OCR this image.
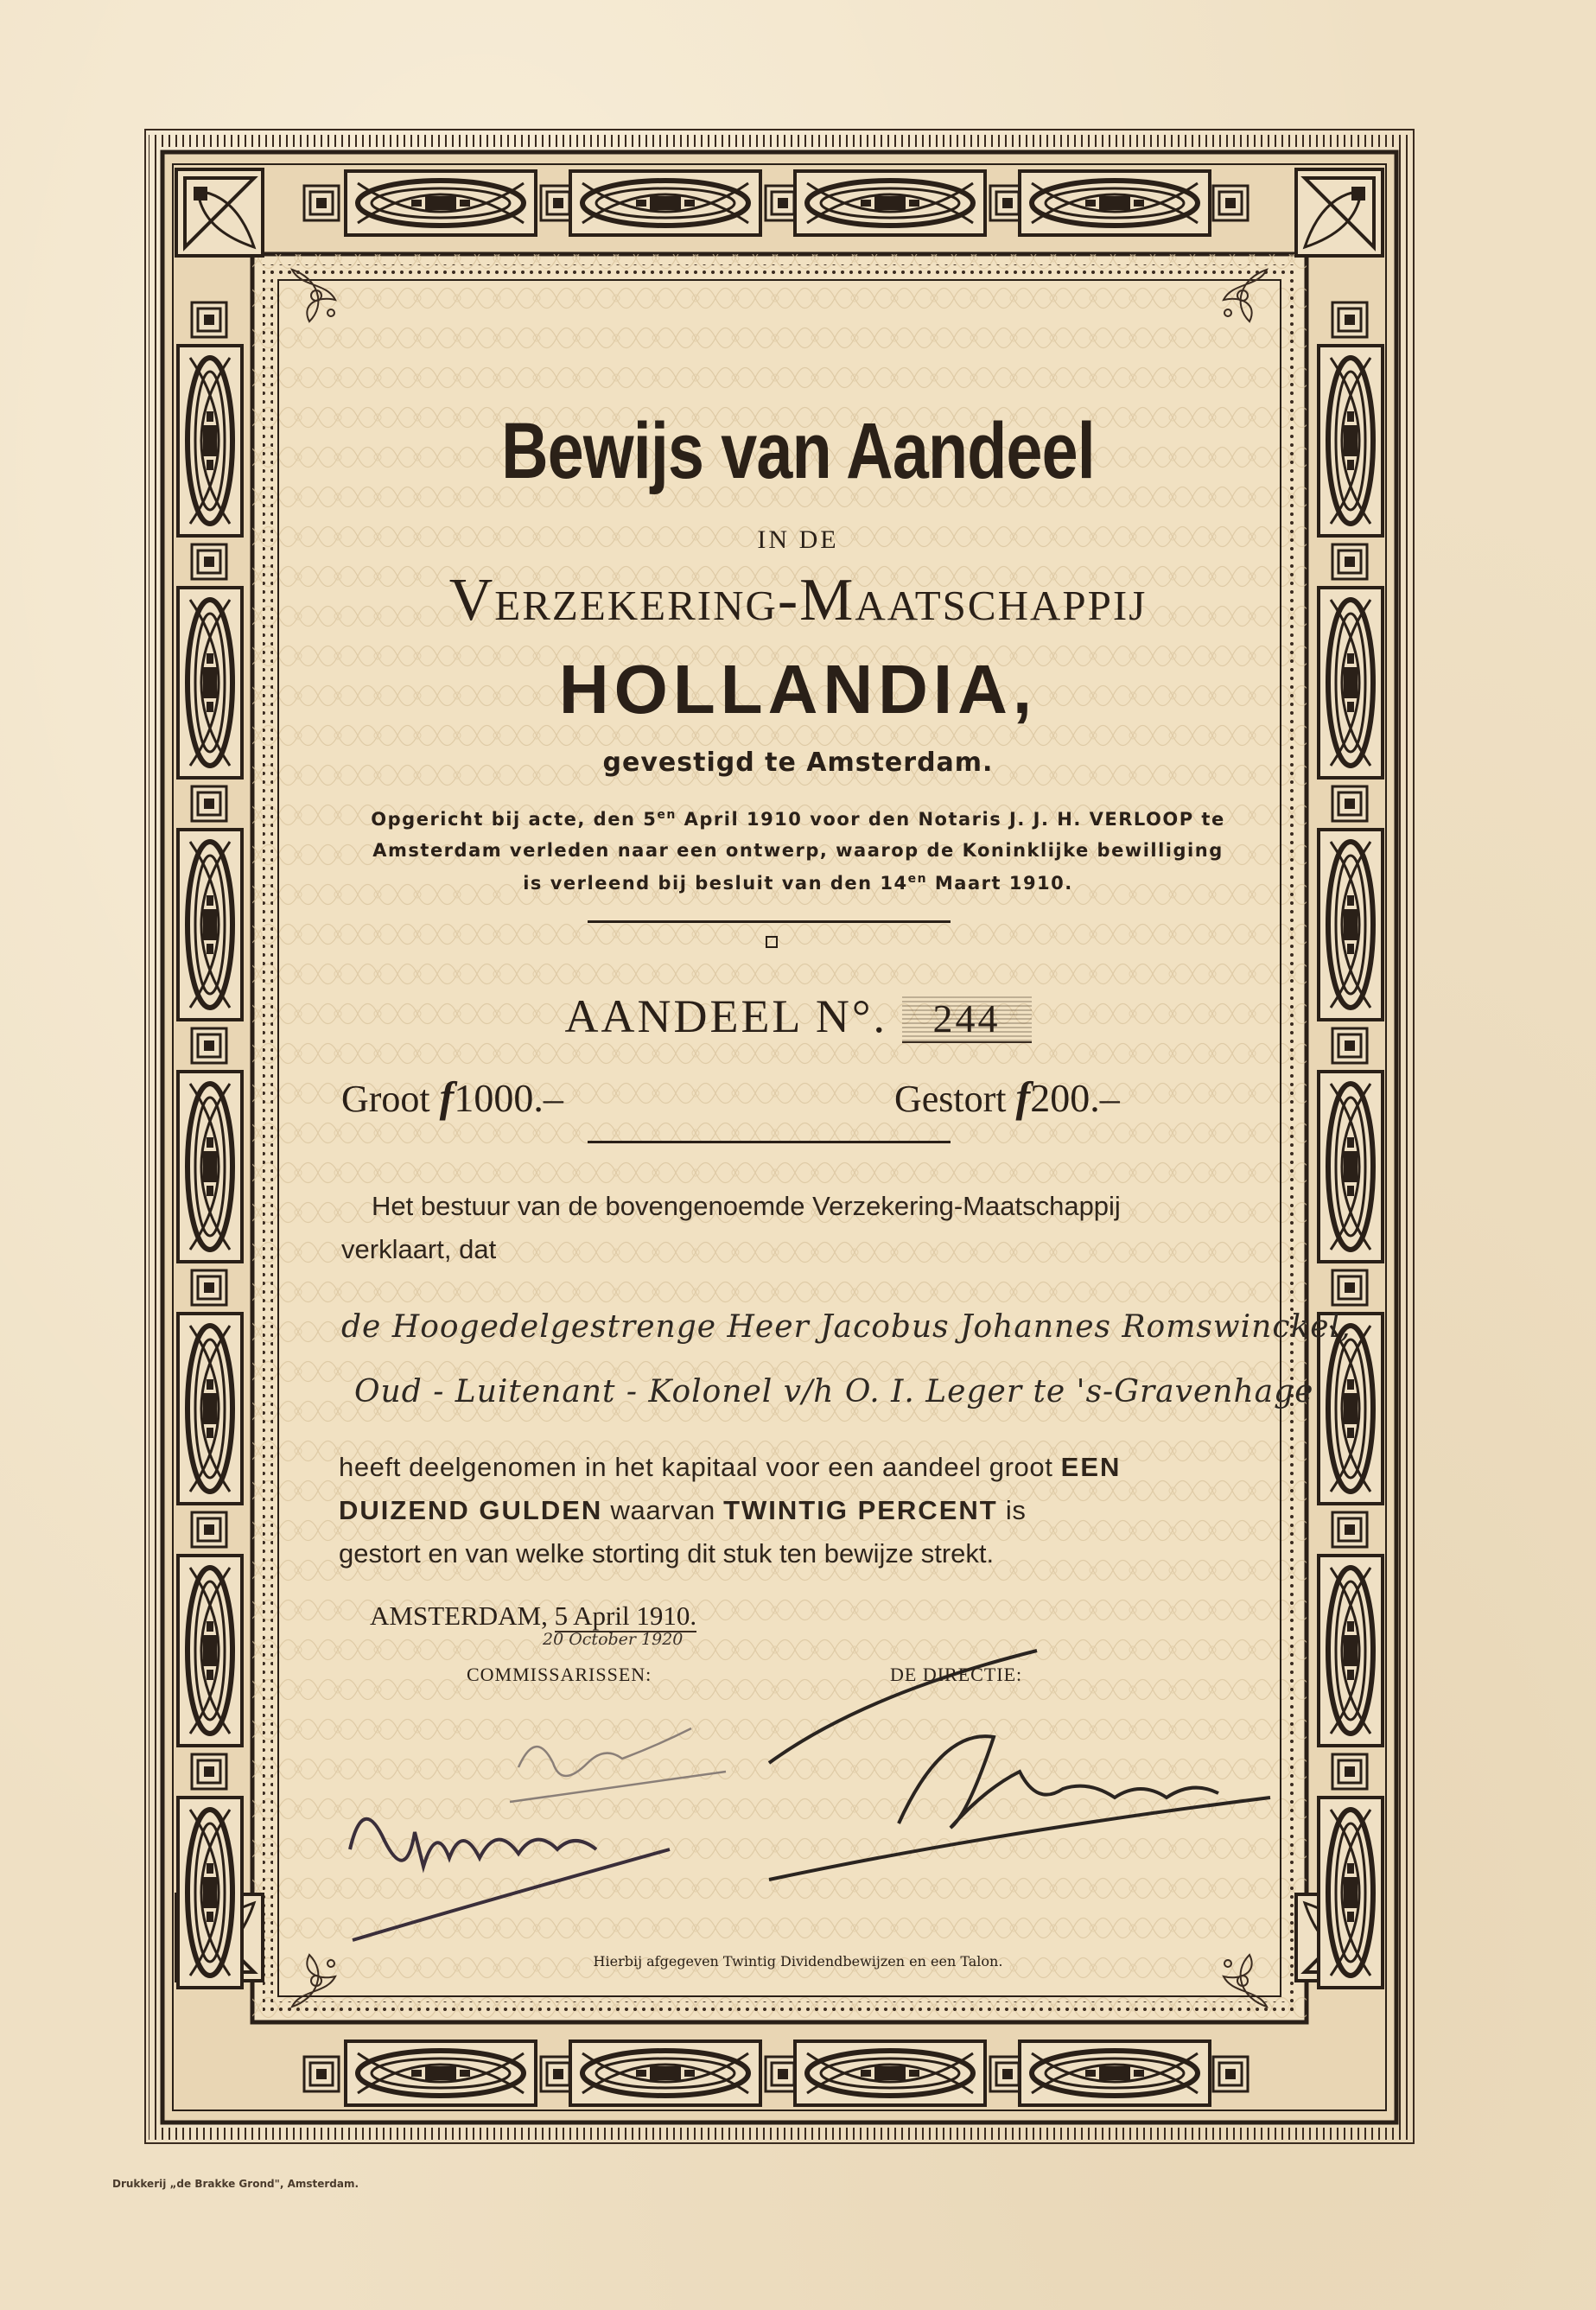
Bewijs van Aandeel
IN DE
Verzekering-Maatschappij
HOLLANDIA,
gevestigd te Amsterdam.
Opgericht bij acte, den $5^{en}$ April 1910 voor den Notaris J. J. H. VERLOOP te
Amsterdam verleden naar een ontwerp, waarop de Koninklijke bewilliging
is verleend bij besluit van den $14^{en}$ Maart 1910.
AANDEEL N°. 244
Groot f1000.–	Gestort f200.–
Het bestuur van de bovengenoemde Verzekering-Maatschappij
verklaart, dat
de Hoogedelgestrenge Heer Jacobus Johannes Romswinckel,
Oud - Luitenant - Kolonel v/h O. I. Leger te 's-Gravenhage
heeft deelgenomen in het kapitaal voor een aandeel groot EEN
DUIZEND GULDEN waarvan TWINTIG PERCENT is
gestort en van welke storting dit stuk ten bewijze strekt.
AMSTERDAM, 5 April 1910.
20 October 1920
COMMISSARISSEN:	DE DIRECTIE:
Hierbij afgegeven Twintig Dividendbewijzen en een Talon.
Drukkerij „de Brakke Grond", Amsterdam.
